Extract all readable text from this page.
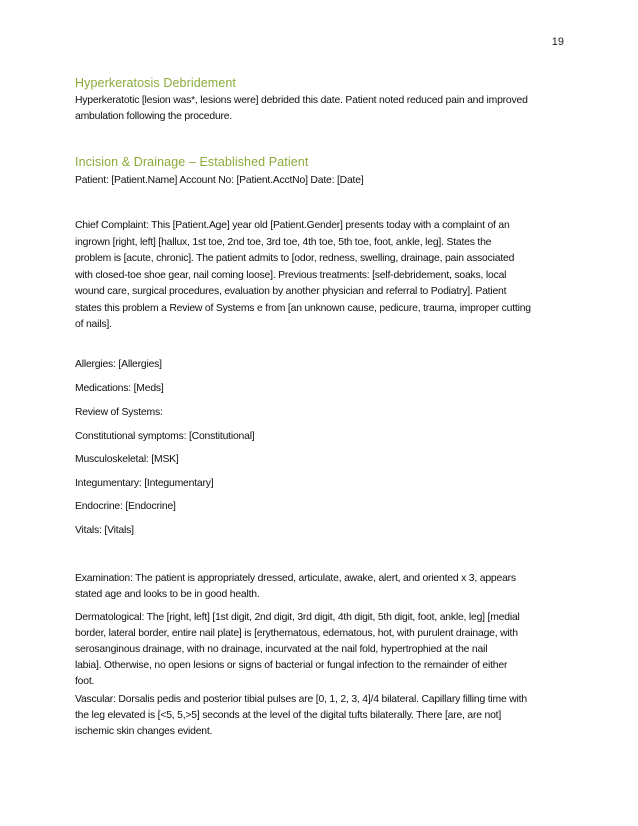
19

Hyperkeratosis Debridement

Hyperkeratotic [lesion was*, lesions were] debrided this date. Patient noted reduced pain and improved
ambulation following the procedure.

Incision & Drainage – Established Patient

Patient: [Patient.Name] Account No: [Patient.AcctNo] Date: [Date]

Chief Complaint: This [Patient.Age] year old [Patient.Gender] presents today with a complaint of an
ingrown [right, left] [hallux, 1st toe, 2nd toe, 3rd toe, 4th toe, 5th toe, foot, ankle, leg]. States the
problem is [acute, chronic]. The patient admits to [odor, redness, swelling, drainage, pain associated
with closed-toe shoe gear, nail coming loose]. Previous treatments: [self-debridement, soaks, local
wound care, surgical procedures, evaluation by another physician and referral to Podiatry]. Patient
states this problem a Review of Systems e from [an unknown cause, pedicure, trauma, improper cutting
of nails].

Allergies: [Allergies]

Medications: [Meds]

Review of Systems:

Constitutional symptoms: [Constitutional]

Musculoskeletal: [MSK]

Integumentary: [Integumentary]

Endocrine: [Endocrine]

Vitals: [Vitals]

Examination: The patient is appropriately dressed, articulate, awake, alert, and oriented x 3, appears
stated age and looks to be in good health.

Dermatological: The [right, left] [1st digit, 2nd digit, 3rd digit, 4th digit, 5th digit, foot, ankle, leg] [medial
border, lateral border, entire nail plate] is [erythematous, edematous, hot, with purulent drainage, with
serosanginous drainage, with no drainage, incurvated at the nail fold, hypertrophied at the nail
labia]. Otherwise, no open lesions or signs of bacterial or fungal infection to the remainder of either
foot.

Vascular: Dorsalis pedis and posterior tibial pulses are [0, 1, 2, 3, 4]/4 bilateral. Capillary filling time with
the leg elevated is [<5, 5,>5] seconds at the level of the digital tufts bilaterally. There [are, are not]
ischemic skin changes evident.
